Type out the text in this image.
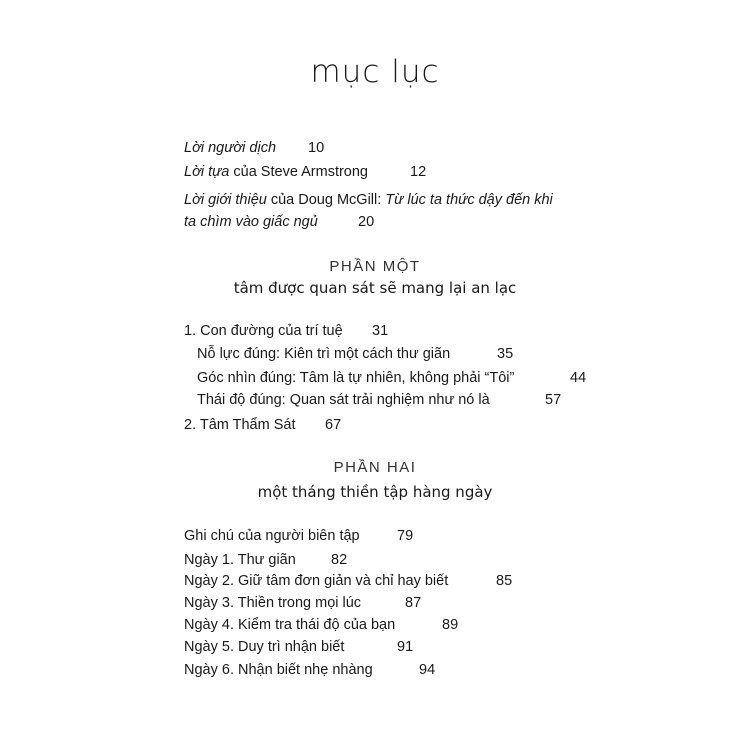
mục lục
Lời người dịch 10
Lời tựa của Steve Armstrong	12
Lời giới thiệu của Doug McGill: Từ lúc ta thức dậy đến khi
ta chìm vào giấc ngủ	20
PHẦN MỘT
tâm được quan sát sẽ mang lại an lạc
1. Con đường của trí tuệ 31
Nỗ lực đúng: Kiên trì một cách thư giãn	35
Góc nhìn đúng: Tâm là tự nhiên, không phải “Tôi”	44
Thái độ đúng: Quan sát trải nghiệm như nó là	57
2. Tâm Thẩm Sát 67
PHẦN HAI
một tháng thiền tập hàng ngày
Ghi chú của người biên tập	79
Ngày 1. Thư giãn 82
Ngày 2. Giữ tâm đơn giản và chỉ hay biết	85
Ngày 3. Thiền trong mọi lúc	87
Ngày 4. Kiểm tra thái độ của bạn	89
Ngày 5. Duy trì nhận biết	91
Ngày 6. Nhận biết nhẹ nhàng	94
